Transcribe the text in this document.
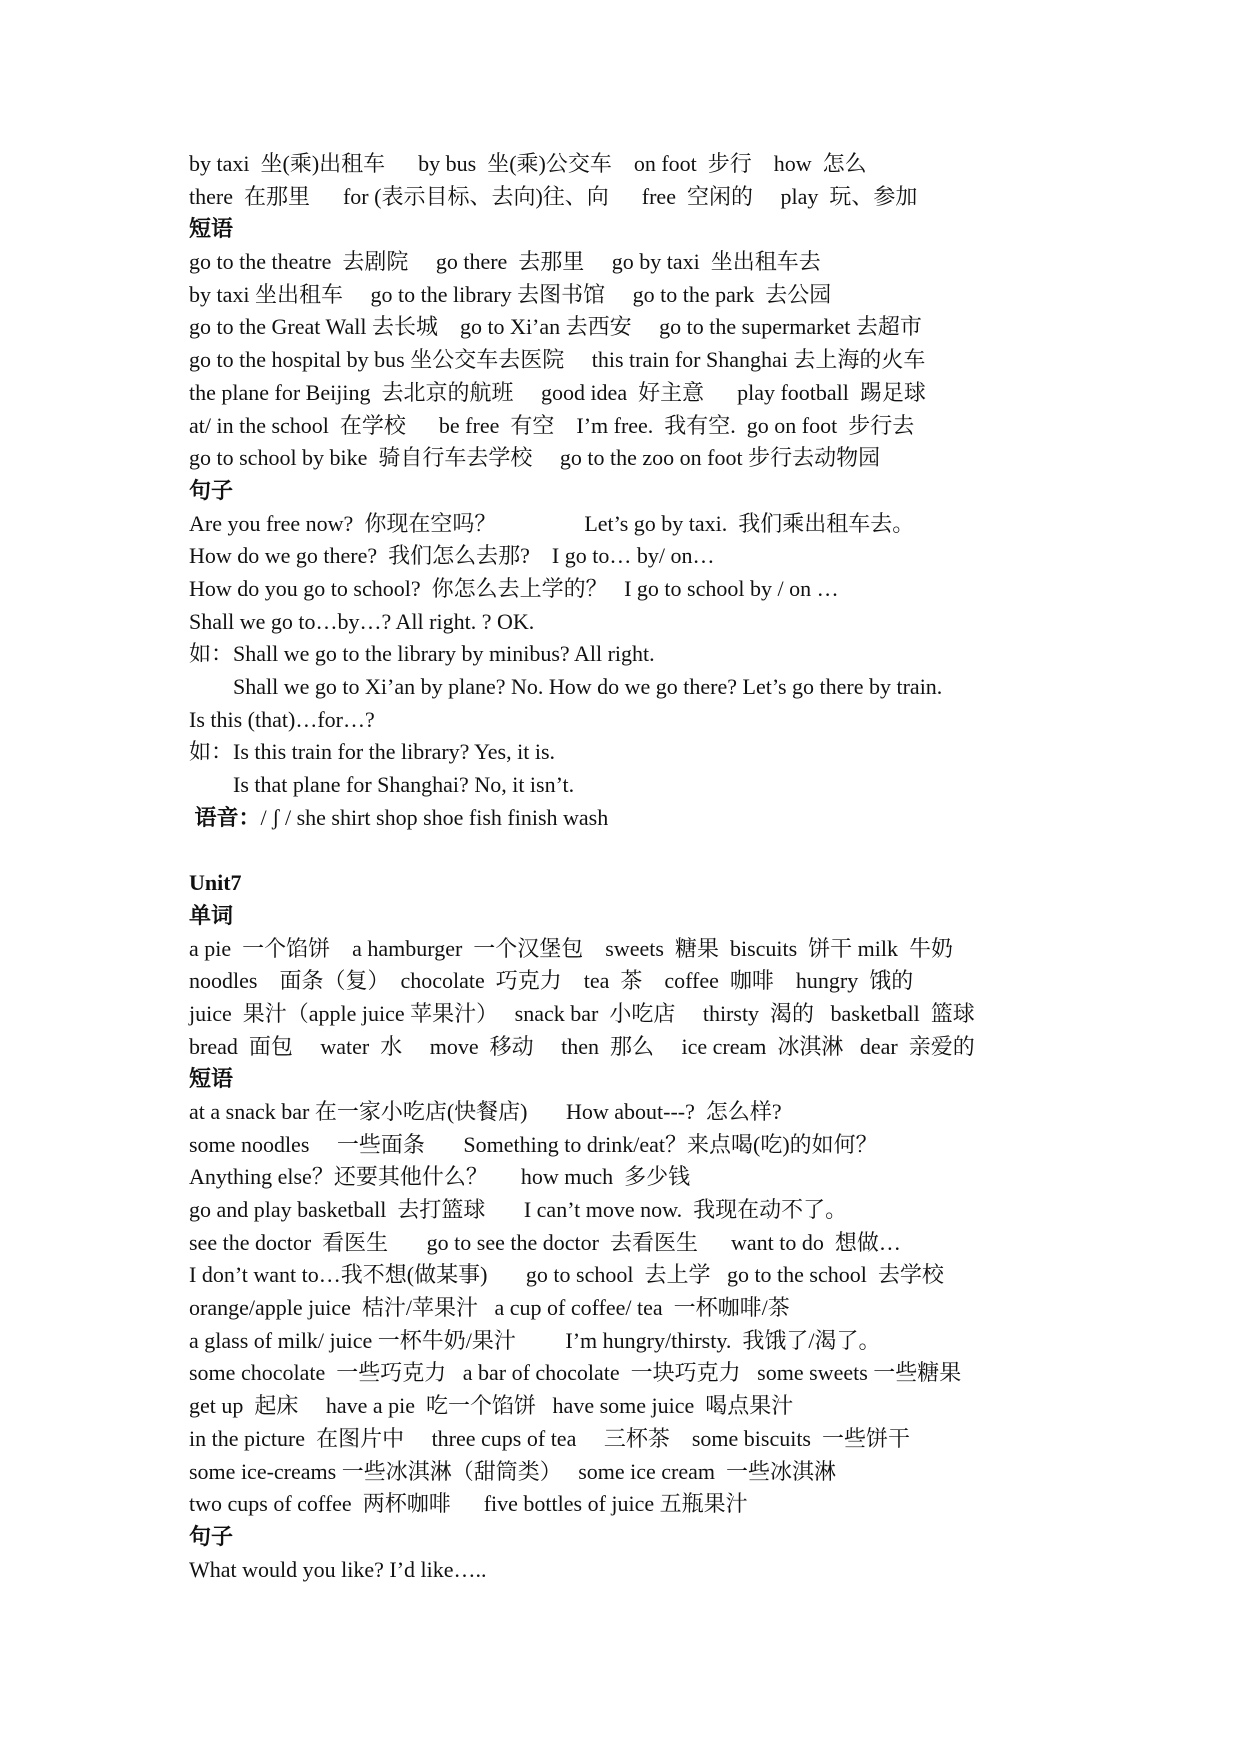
by taxi  坐(乘)出租车      by bus  坐(乘)公交车    on foot  步行    how  怎么
there  在那里      for (表示目标、去向)往、向      free  空闲的     play  玩、参加
短语
go to the theatre  去剧院     go there  去那里     go by taxi  坐出租车去
by taxi 坐出租车     go to the library 去图书馆     go to the park  去公园
go to the Great Wall 去长城    go to Xi’an 去西安     go to the supermarket 去超市
go to the hospital by bus 坐公交车去医院     this train for Shanghai 去上海的火车
the plane for Beijing  去北京的航班     good idea  好主意      play football  踢足球
at/ in the school  在学校      be free  有空    I’m free.  我有空.  go on foot  步行去
go to school by bike  骑自行车去学校     go to the zoo on foot 步行去动物园
句子
Are you free now?  你现在空吗？                Let’s go by taxi.  我们乘出租车去。
How do we go there?  我们怎么去那?    I go to… by/ on…
How do you go to school?  你怎么去上学的？   I go to school by / on …
Shall we go to…by…? All right. ? OK.
如：Shall we go to the library by minibus? All right.
Shall we go to Xi’an by plane? No. How do we go there? Let’s go there by train.
Is this (that)…for…?
如：Is this train for the library? Yes, it is.
Is that plane for Shanghai? No, it isn’t.
语音：/ ʃ / she shirt shop shoe fish finish wash
Unit7
单词
a pie  一个馅饼    a hamburger  一个汉堡包    sweets  糖果  biscuits  饼干 milk  牛奶
noodles    面条（复）  chocolate  巧克力    tea  茶    coffee  咖啡    hungry  饿的
juice  果汁（apple juice 苹果汁）   snack bar  小吃店     thirsty  渴的   basketball  篮球
bread  面包     water  水     move  移动     then  那么     ice cream  冰淇淋   dear  亲爱的
短语
at a snack bar 在一家小吃店(快餐店)       How about---?  怎么样?
some noodles     一些面条       Something to drink/eat？来点喝(吃)的如何？
Anything else？还要其他什么？      how much  多少钱
go and play basketball  去打篮球       I can’t move now.  我现在动不了。
see the doctor  看医生       go to see the doctor  去看医生      want to do  想做…
I don’t want to…我不想(做某事)       go to school  去上学   go to the school  去学校
orange/apple juice  桔汁/苹果汁   a cup of coffee/ tea  一杯咖啡/茶
a glass of milk/ juice 一杯牛奶/果汁         I’m hungry/thirsty.  我饿了/渴了。
some chocolate  一些巧克力   a bar of chocolate  一块巧克力   some sweets 一些糖果
get up  起床     have a pie  吃一个馅饼   have some juice  喝点果汁
in the picture  在图片中     three cups of tea     三杯茶    some biscuits  一些饼干
some ice-creams 一些冰淇淋（甜筒类）   some ice cream  一些冰淇淋
two cups of coffee  两杯咖啡      five bottles of juice 五瓶果汁
句子
What would you like? I’d like…..
